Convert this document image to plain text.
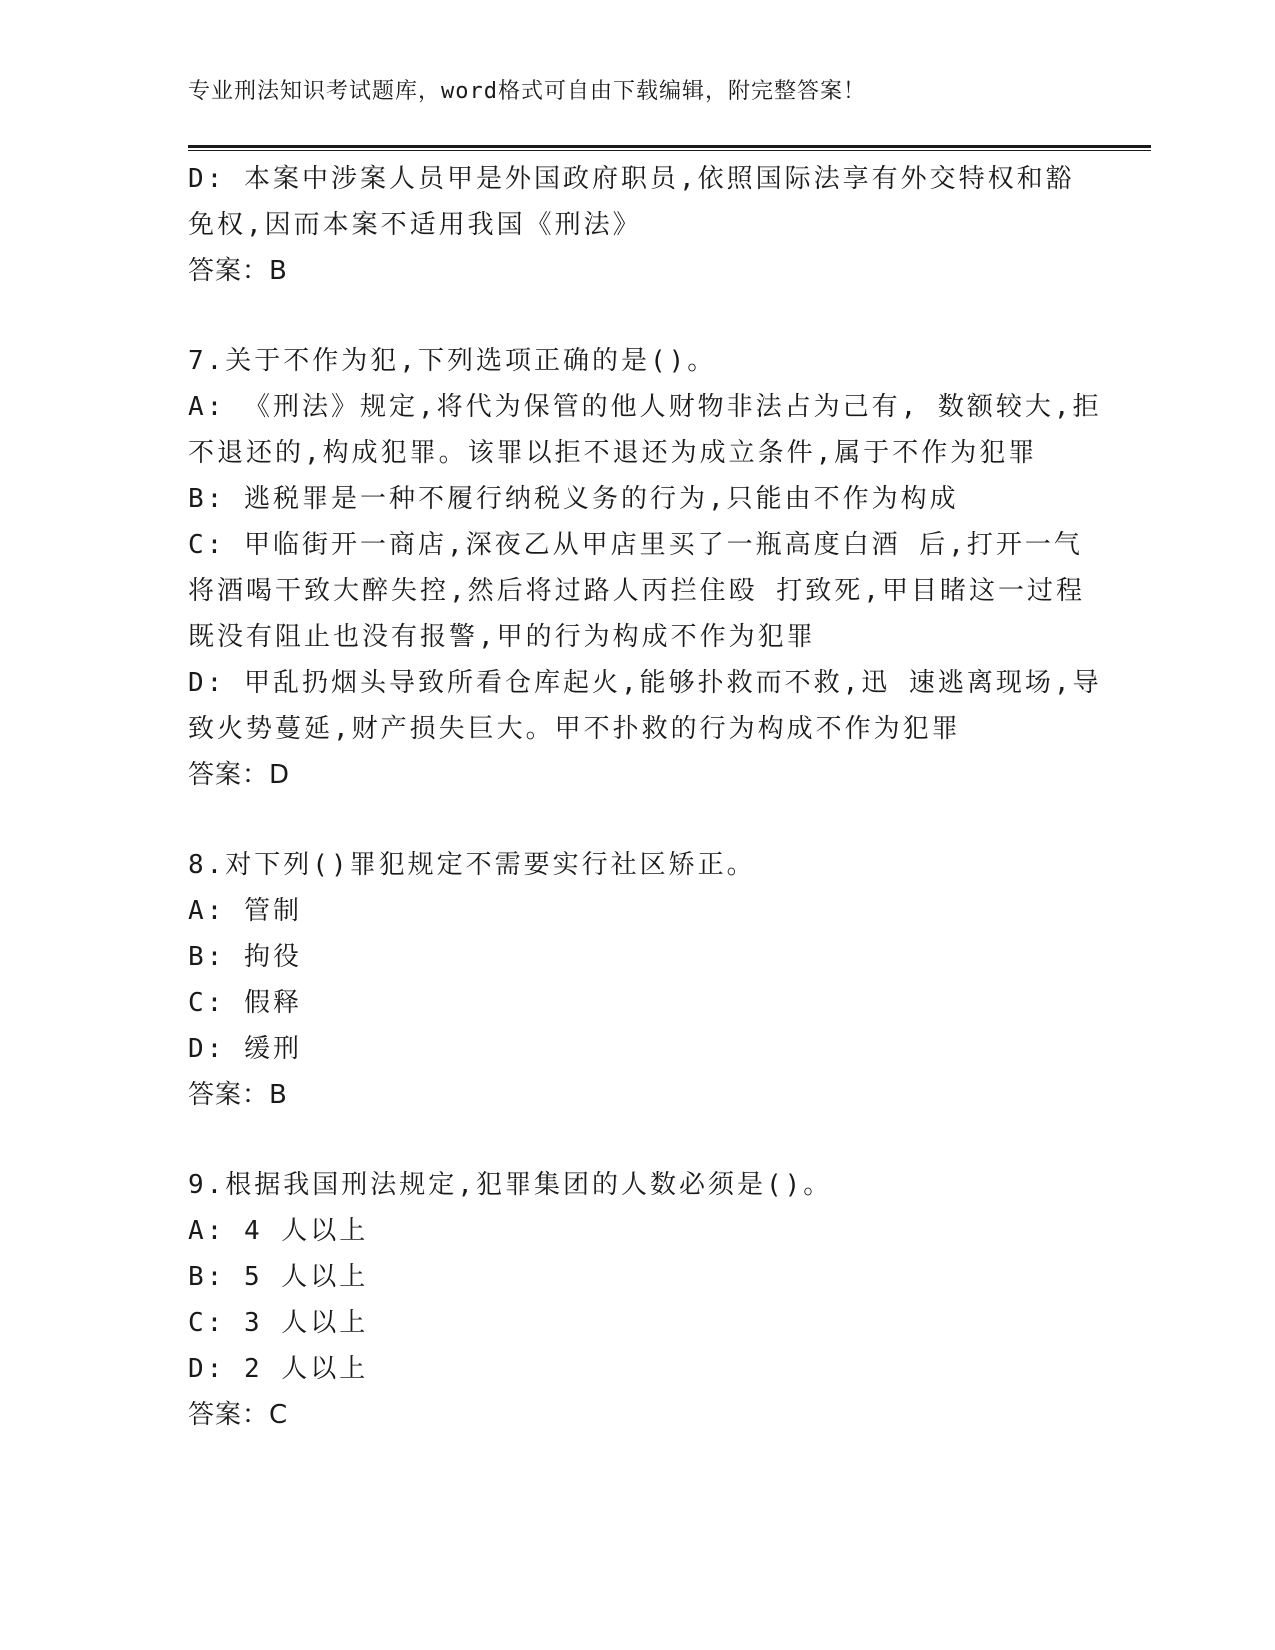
专业刑法知识考试题库，word格式可自由下载编辑，附完整答案！
D: 本案中涉案人员甲是外国政府职员,依照国际法享有外交特权和豁
免权,因而本案不适用我国《刑法》
答案：B
7.关于不作为犯,下列选项正确的是()。
A: 《刑法》规定,将代为保管的他人财物非法占为己有, 数额较大,拒
不退还的,构成犯罪。该罪以拒不退还为成立条件,属于不作为犯罪
B: 逃税罪是一种不履行纳税义务的行为,只能由不作为构成
C: 甲临街开一商店,深夜乙从甲店里买了一瓶高度白酒 后,打开一气
将酒喝干致大醉失控,然后将过路人丙拦住殴 打致死,甲目睹这一过程
既没有阻止也没有报警,甲的行为构成不作为犯罪
D: 甲乱扔烟头导致所看仓库起火,能够扑救而不救,迅 速逃离现场,导
致火势蔓延,财产损失巨大。甲不扑救的行为构成不作为犯罪
答案：D
8.对下列()罪犯规定不需要实行社区矫正。
A: 管制
B: 拘役
C: 假释
D: 缓刑
答案：B
9.根据我国刑法规定,犯罪集团的人数必须是()。
A: 4 人以上
B: 5 人以上
C: 3 人以上
D: 2 人以上
答案：C
